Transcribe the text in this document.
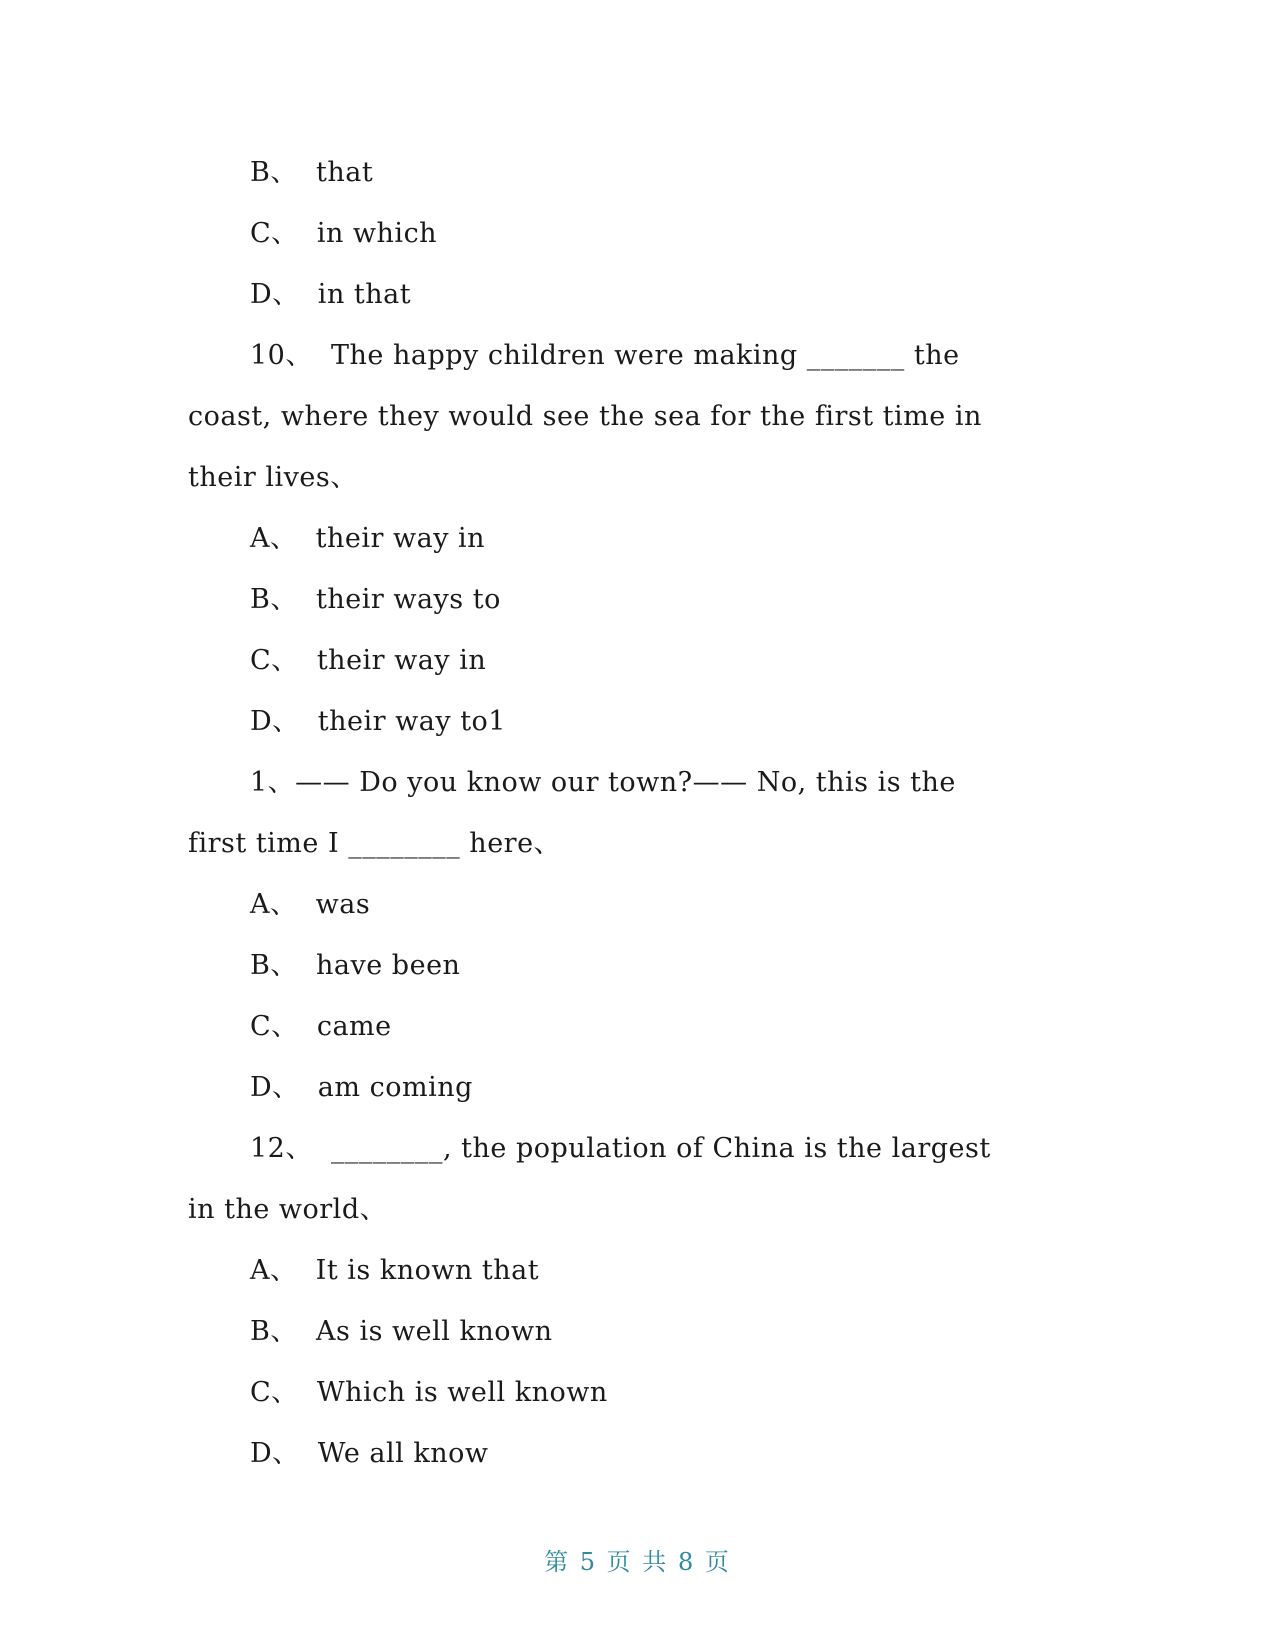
B、  that
C、  in which
D、  in that
10、  The happy children were making _______ the
coast, where they would see the sea for the first time in
their lives、
A、  their way in
B、  their ways to
C、  their way in
D、  their way to1
1、—— Do you know our town?—— No, this is the
first time I ________ here、
A、  was
B、  have been
C、  came
D、  am coming
12、  ________, the population of China is the largest
in the world、
A、  It is known that
B、  As is well known
C、  Which is well known
D、  We all know
第 5 页 共 8 页
